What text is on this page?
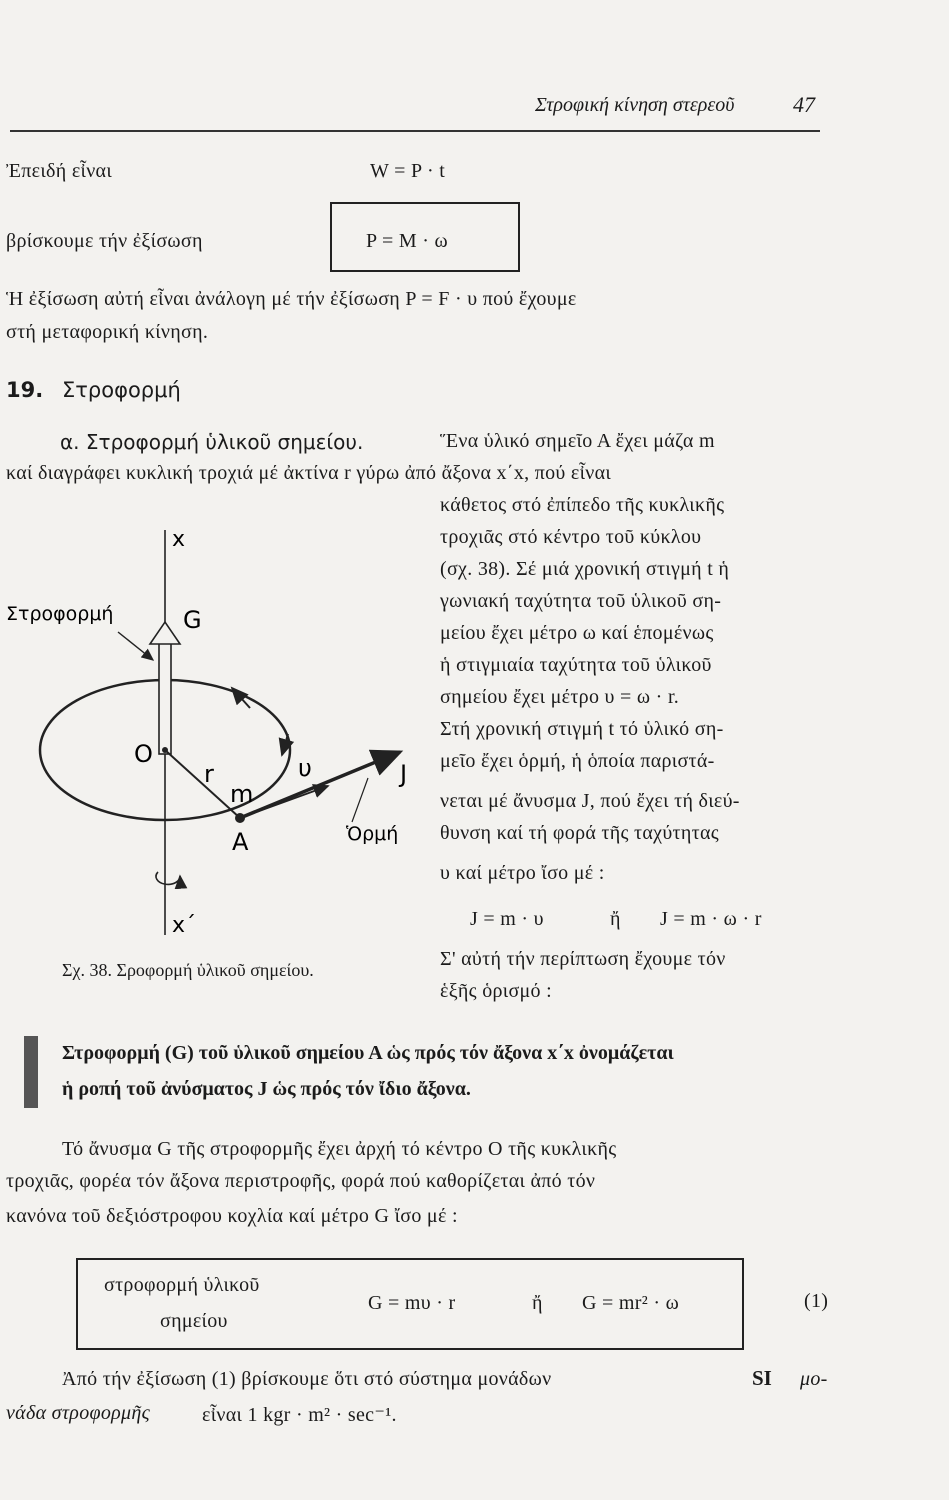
Στροφική κίνηση στερεοῦ	47
Ἐπειδή εἶναι	W = P · t
βρίσκουμε τήν ἐξίσωση	P = M · ω
Ἡ ἐξίσωση αὐτή εἶναι ἀνάλογη μέ τήν ἐξίσωση P = F · υ πού ἔχουμε
στή μεταφορική κίνηση.
19. Στροφορμή
α. Στροφορμή ὑλικοῦ σημείου.	Ἕνα ὑλικό σημεῖο Α ἔχει μάζα m
καί διαγράφει κυκλική τροχιά μέ ἀκτίνα r γύρω ἀπό ἄξονα x΄x, πού εἶναι
κάθετος στό ἐπίπεδο τῆς κυκλικῆς
τροχιᾶς στό κέντρο τοῦ κύκλου
(σχ. 38). Σέ μιά χρονική στιγμή t ἡ
γωνιακή ταχύτητα τοῦ ὑλικοῦ ση-
μείου ἔχει μέτρο ω καί ἑπομένως
ἡ στιγμιαία ταχύτητα τοῦ ὑλικοῦ
σημείου ἔχει μέτρο υ = ω · r.
Στή χρονική στιγμή t τό ὑλικό ση-
μεῖο ἔχει ὁρμή, ἡ ὁποία παριστά-
νεται μέ ἄνυσμα J, πού ἔχει τή διεύ-
θυνση καί τή φορά τῆς ταχύτητας
υ καί μέτρο ἴσο μέ :
J = m · υ	ἤ J = m · ω · r
Σ' αὐτή τήν περίπτωση ἔχουμε τόν
ἑξῆς ὁρισμό :
x
Στροφορμή	G
O
r
m
A
υ	J
Ὁρμή
x΄
Σχ. 38. Σροφορμή ὑλικοῦ σημείου.
Στροφορμή (G) τοῦ ὑλικοῦ σημείου Α ὡς πρός τόν ἄξονα x΄x ὀνομάζεται
ἡ ροπή τοῦ ἀνύσματος J ὡς πρός τόν ἴδιο ἄξονα.
Τό ἄνυσμα G τῆς στροφορμῆς ἔχει ἀρχή τό κέντρο Ο τῆς κυκλικῆς
τροχιᾶς, φορέα τόν ἄξονα περιστροφῆς, φορά πού καθορίζεται ἀπό τόν
κανόνα τοῦ δεξιόστροφου κοχλία καί μέτρο G ἴσο μέ :
στροφορμή ὑλικοῦ
σημείου
G = mυ · r	ἤ G = mr² · ω	(1)
Ἀπό τήν ἐξίσωση (1) βρίσκουμε ὅτι στό σύστημα μονάδων	SI μο-
νάδα στροφορμῆς	εἶναι 1 kgr · m² · sec⁻¹.
